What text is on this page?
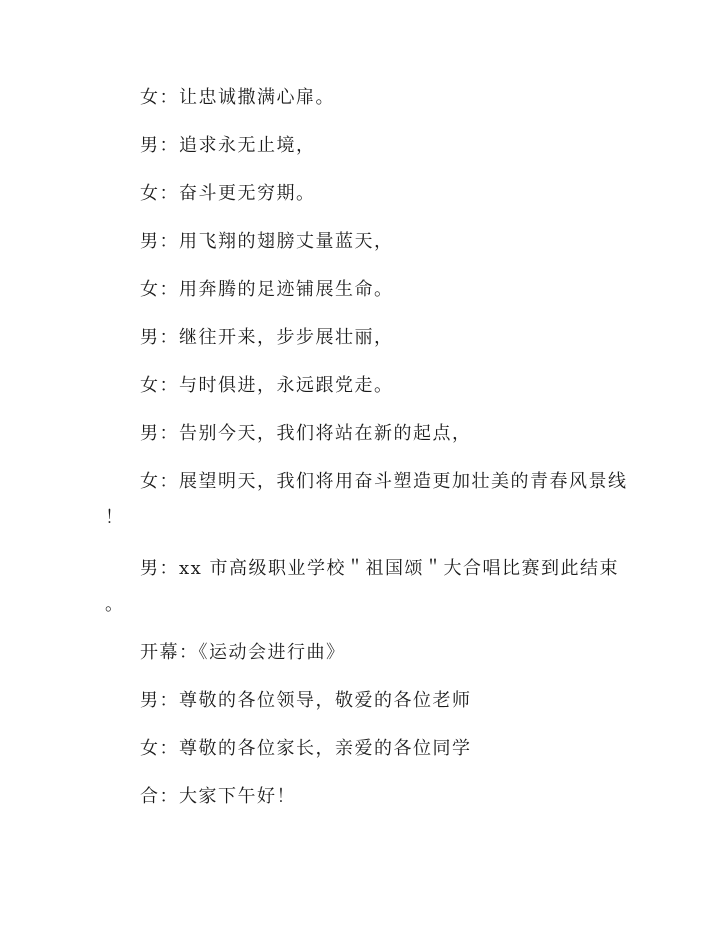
女：让忠诚撒满心扉。
男：追求永无止境，
女：奋斗更无穷期。
男：用飞翔的翅膀丈量蓝天，
女：用奔腾的足迹铺展生命。
男：继往开来，步步展壮丽，
女：与时俱进，永远跟党走。
男：告别今天，我们将站在新的起点，
女：展望明天，我们将用奋斗塑造更加壮美的青春风景线
！
男：xx 市高级职业学校＂祖国颂＂大合唱比赛到此结束
。
开幕：《运动会进行曲》
男：尊敬的各位领导，敬爱的各位老师
女：尊敬的各位家长，亲爱的各位同学
合：大家下午好！
